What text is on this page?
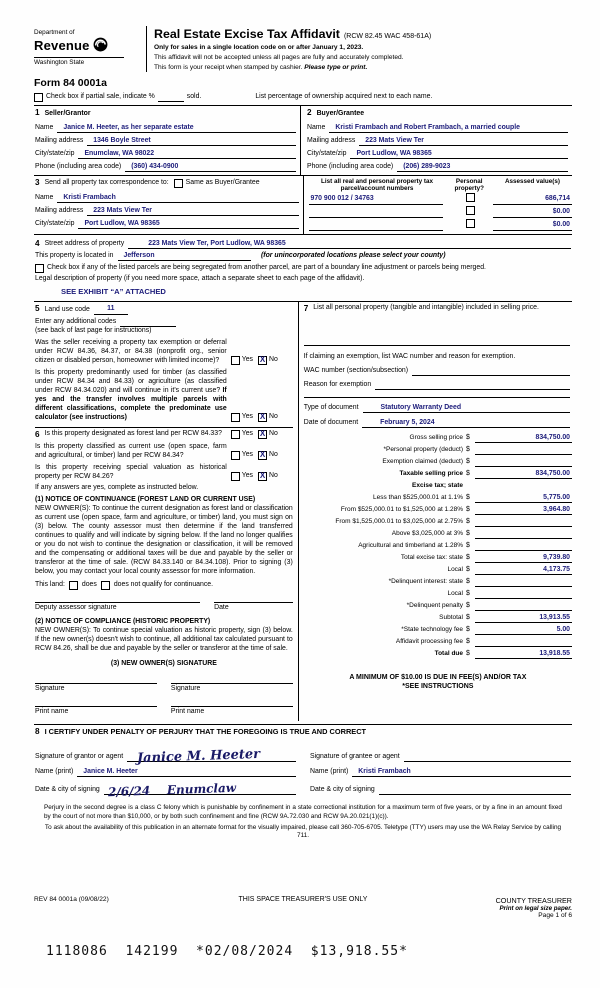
Department of
Revenue
Washington State
Real Estate Excise Tax Affidavit (RCW 82.45 WAC 458-61A)
Only for sales in a single location code on or after January 1, 2023.
This affidavit will not be accepted unless all pages are fully and accurately completed.
This form is your receipt when stamped by cashier. Please type or print.
Form 84 0001a
Check box if partial sale, indicate %	sold.	List percentage of ownership acquired next to each name.
1 Seller/Grantor
Name	Janice M. Heeter, as her separate estate
Mailing address	1346 Boyle Street
City/state/zip	Enumclaw, WA 98022
Phone (including area code)	(360) 434-0900
2 Buyer/Grantee
Name	Kristi Frambach and Robert Frambach, a married couple
Mailing address	223 Mats View Ter
City/state/zip	Port Ludlow, WA 98365
Phone (including area code)	(206) 289-9023
3 Send all property tax correspondence to: Same as Buyer/Grantee
Name	Kristi Frambach
Mailing address	223 Mats View Ter
City/state/zip	Port Ludlow, WA 98365
List all real and personal property tax parcel/account numbers
Personal property?
Assessed value(s)
970 900 012 / 34763	686,714
$0.00
$0.00
4 Street address of property	223 Mats View Ter, Port Ludlow, WA 98365
This property is located in	Jefferson	(for unincorporated locations please select your county)
Check box if any of the listed parcels are being segregated from another parcel, are part of a boundary line adjustment or parcels being merged.
Legal description of property (if you need more space, attach a separate sheet to each page of the affidavit).
SEE EXHIBIT “A” ATTACHED
5 Land use code	11
Enter any additional codes
(see back of last page for instructions)
Was the seller receiving a property tax exemption or deferral under RCW 84.36, 84.37, or 84.38 (nonprofit org., senior citizen or disabled person, homeowner with limited income)?	Yes X No
Is this property predominantly used for timber (as classified under RCW 84.34 and 84.33) or agriculture (as classified under RCW 84.34.020) and will continue in it's current use? If yes and the transfer involves multiple parcels with different classifications, complete the predominate use calculator (see instructions)	Yes X No
6 Is this property designated as forest land per RCW 84.33?	Yes X No
Is this property classified as current use (open space, farm and agricultural, or timber) land per RCW 84.34?	Yes X No
Is this property receiving special valuation as historical property per RCW 84.26?	Yes X No
If any answers are yes, complete as instructed below.
(1) NOTICE OF CONTINUANCE (FOREST LAND OR CURRENT USE)
NEW OWNER(S): To continue the current designation as forest land or classification as current use (open space, farm and agriculture, or timber) land, you must sign on (3) below. The county assessor must then determine if the land transferred continues to qualify and will indicate by signing below. If the land no longer qualifies or you do not wish to continue the designation or classification, it will be removed and the compensating or additional taxes will be due and payable by the seller or transferor at the time of sale. (RCW 84.33.140 or 84.34.108). Prior to signing (3) below, you may contact your local county assessor for more information.
This land: does does not qualify for continuance.
Deputy assessor signature	Date
(2) NOTICE OF COMPLIANCE (HISTORIC PROPERTY)
NEW OWNER(S): To continue special valuation as historic property, sign (3) below. If the new owner(s) doesn't wish to continue, all additional tax calculated pursuant to RCW 84.26, shall be due and payable by the seller or transferor at the time of sale.
(3) NEW OWNER(S) SIGNATURE
Signature	Signature
Print name	Print name
7 List all personal property (tangible and intangible) included in selling price.
If claiming an exemption, list WAC number and reason for exemption.
WAC number (section/subsection)
Reason for exemption
Type of document	Statutory Warranty Deed
Date of document	February 5, 2024
Gross selling price $	834,750.00
*Personal property (deduct) $
Exemption claimed (deduct) $
Taxable selling price $	834,750.00
Excise tax; state
Less than $525,000.01 at 1.1% $	5,775.00
From $525,000.01 to $1,525,000 at 1.28% $	3,964.80
From $1,525,000.01 to $3,025,000 at 2.75% $
Above $3,025,000 at 3% $
Agricultural and timberland at 1.28% $
Total excise tax: state $	9,739.80
Local $	4,173.75
*Delinquent interest: state $
Local $
*Delinquent penalty $
Subtotal $	13,913.55
*State technology fee $	5.00
Affidavit processing fee $
Total due $	13,918.55
A MINIMUM OF $10.00 IS DUE IN FEE(S) AND/OR TAX
*SEE INSTRUCTIONS
8 I CERTIFY UNDER PENALTY OF PERJURY THAT THE FOREGOING IS TRUE AND CORRECT
Signature of grantor or agent	Janice M. Heeter	Signature of grantee or agent
Name (print)	Janice M. Heeter	Name (print)	Kristi Frambach
Date & city of signing 2/6/24    Enumclaw	Date & city of signing
Perjury in the second degree is a class C felony which is punishable by confinement in a state correctional institution for a maximum term of five years, or by a fine in an amount fixed by the court of not more than $10,000, or by both such confinement and fine (RCW 9A.72.030 and RCW 9A.20.021(1)(c)).
To ask about the availability of this publication in an alternate format for the visually impaired, please call 360-705-6705. Teletype (TTY) users may use the WA Relay Service by calling 711.
REV 84 0001a (09/08/22)	THIS SPACE TREASURER'S USE ONLY	COUNTY TREASURER
Print on legal size paper.
Page 1 of 6
1118086  142199  *02/08/2024  $13,918.55*
